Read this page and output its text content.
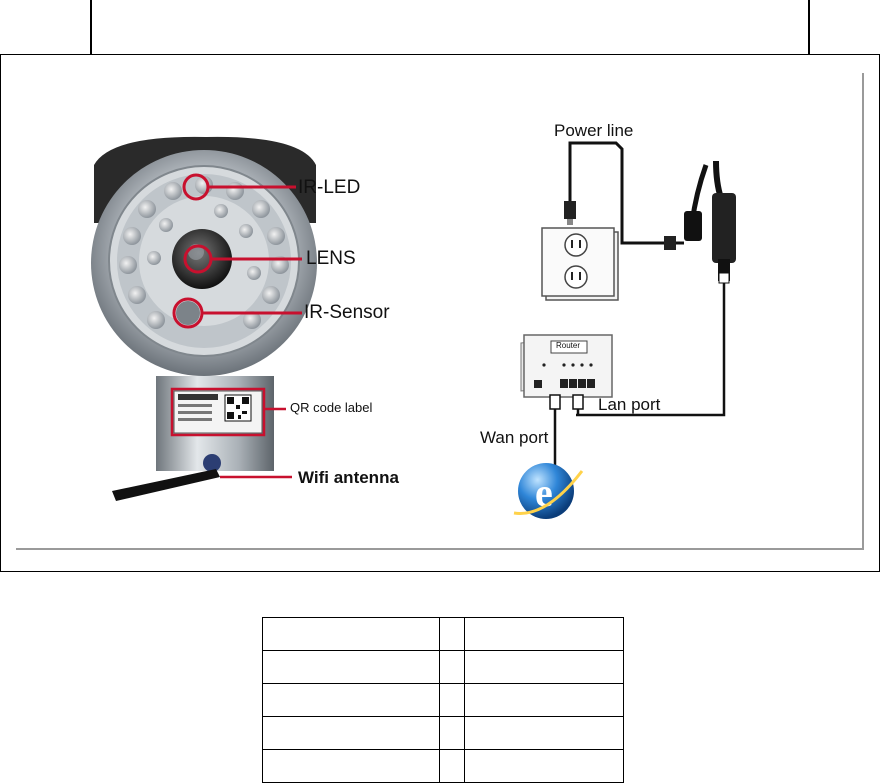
e
IR-LED
LENS
IR-Sensor
QR code label
Wifi antenna
Power line
Lan port
Wan port
Router
